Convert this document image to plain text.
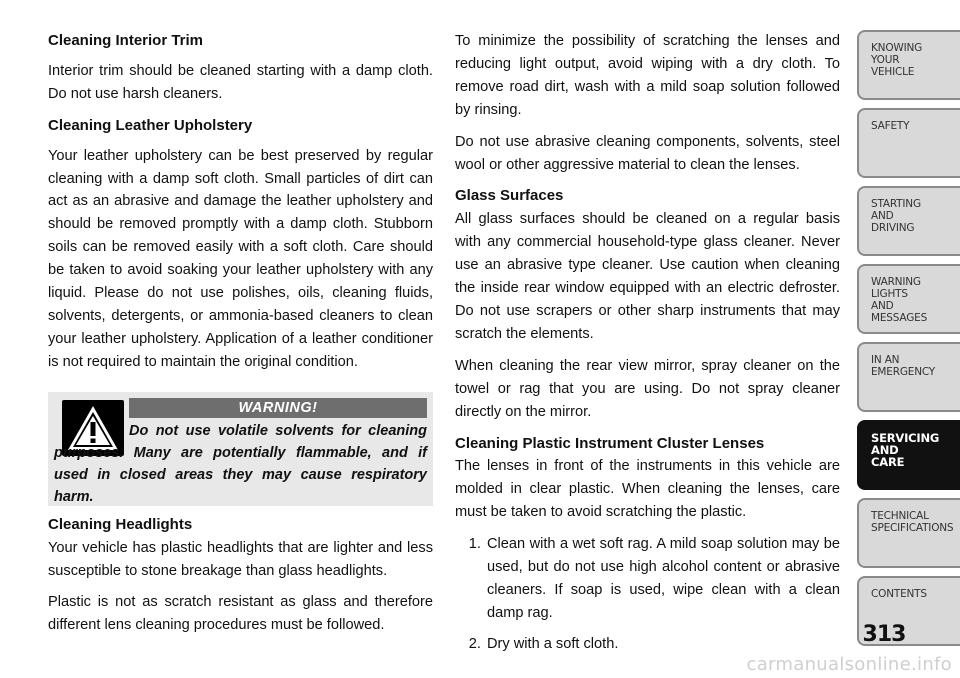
Cleaning Interior Trim

Interior trim should be cleaned starting with a damp cloth. Do not use harsh cleaners.

Cleaning Leather Upholstery

Your leather upholstery can be best preserved by regular cleaning with a damp soft cloth. Small particles of dirt can act as an abrasive and damage the leather upholstery and should be removed promptly with a damp cloth. Stubborn soils can be removed easily with a soft cloth. Care should be taken to avoid soaking your leather upholstery with any liquid. Please do not use polishes, oils, cleaning fluids, solvents, detergents, or ammonia-based cleaners to clean your leather upholstery. Application of a leather conditioner is not required to maintain the original condition.

WARNING!
Do not use volatile solvents for cleaning purposes. Many are potentially flammable, and if used in closed areas they may cause respiratory harm.

Cleaning Headlights

Your vehicle has plastic headlights that are lighter and less susceptible to stone breakage than glass headlights.

Plastic is not as scratch resistant as glass and therefore different lens cleaning procedures must be followed.

To minimize the possibility of scratching the lenses and reducing light output, avoid wiping with a dry cloth. To remove road dirt, wash with a mild soap solution followed by rinsing.

Do not use abrasive cleaning components, solvents, steel wool or other aggressive material to clean the lenses.

Glass Surfaces

All glass surfaces should be cleaned on a regular basis with any commercial household-type glass cleaner. Never use an abrasive type cleaner. Use caution when cleaning the inside rear window equipped with an electric defroster. Do not use scrapers or other sharp instruments that may scratch the elements.

When cleaning the rear view mirror, spray cleaner on the towel or rag that you are using. Do not spray cleaner directly on the mirror.

Cleaning Plastic Instrument Cluster Lenses

The lenses in front of the instruments in this vehicle are molded in clear plastic. When cleaning the lenses, care must be taken to avoid scratching the plastic.

1. Clean with a wet soft rag. A mild soap solution may be used, but do not use high alcohol content or abrasive cleaners. If soap is used, wipe clean with a clean damp rag.
2. Dry with a soft cloth.
KNOWING
YOUR
VEHICLE
SAFETY
STARTING
AND
DRIVING
WARNING
LIGHTS
AND
MESSAGES
IN AN
EMERGENCY
SERVICING
AND
CARE
TECHNICAL
SPECIFICATIONS
CONTENTS
313
carmanualsonline.info
